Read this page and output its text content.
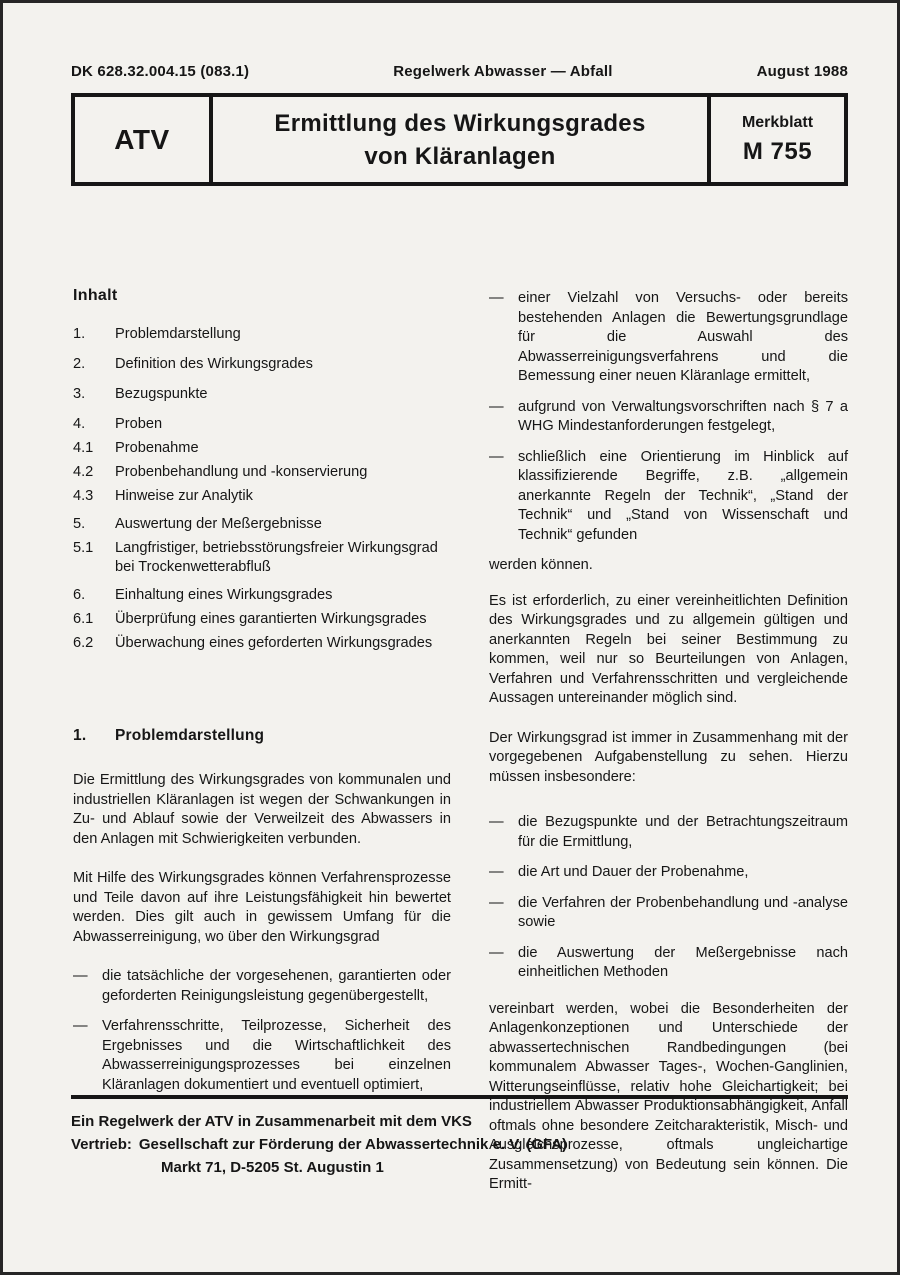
DK 628.32.004.15 (083.1)	Regelwerk Abwasser — Abfall	August 1988
ATV
Ermittlung des Wirkungsgrades
von Kläranlagen
Merkblatt
M 755
Inhalt
1.	Problemdarstellung
2.	Definition des Wirkungsgrades
3.	Bezugspunkte
4.	Proben
4.1	Probenahme
4.2	Probenbehandlung und -konservierung
4.3	Hinweise zur Analytik
5.	Auswertung der Meßergebnisse
5.1	Langfristiger, betriebsstörungsfreier Wirkungsgrad bei Trockenwetterabfluß
6.	Einhaltung eines Wirkungsgrades
6.1	Überprüfung eines garantierten Wirkungsgrades
6.2	Überwachung eines geforderten Wirkungsgrades
1.	Problemdarstellung

Die Ermittlung des Wirkungsgrades von kommunalen und industriellen Kläranlagen ist wegen der Schwankungen in Zu- und Ablauf sowie der Verweilzeit des Abwassers in den Anlagen mit Schwierigkeiten verbunden.

Mit Hilfe des Wirkungsgrades können Verfahrensprozesse und Teile davon auf ihre Leistungsfähigkeit hin bewertet werden. Dies gilt auch in gewissem Umfang für die Abwasserreinigung, wo über den Wirkungsgrad

— die tatsächliche der vorgesehenen, garantierten oder geforderten Reinigungsleistung gegenübergestellt,
— Verfahrensschritte, Teilprozesse, Sicherheit des Ergebnisses und die Wirtschaftlichkeit des Abwasserreinigungsprozesses bei einzelnen Kläranlagen dokumentiert und eventuell optimiert,
— einer Vielzahl von Versuchs- oder bereits bestehenden Anlagen die Bewertungsgrundlage für die Auswahl des Abwasserreinigungsverfahrens und die Bemessung einer neuen Kläranlage ermittelt,
— aufgrund von Verwaltungsvorschriften nach § 7 a WHG Mindestanforderungen festgelegt,
— schließlich eine Orientierung im Hinblick auf klassifizierende Begriffe, z.B. „allgemein anerkannte Regeln der Technik“, „Stand der Technik“ und „Stand von Wissenschaft und Technik“ gefunden

werden können.

Es ist erforderlich, zu einer vereinheitlichten Definition des Wirkungsgrades und zu allgemein gültigen und anerkannten Regeln bei seiner Bestimmung zu kommen, weil nur so Beurteilungen von Anlagen, Verfahren und Verfahrensschritten und vergleichende Aussagen untereinander möglich sind.

Der Wirkungsgrad ist immer in Zusammenhang mit der vorgegebenen Aufgabenstellung zu sehen. Hierzu müssen insbesondere:

— die Bezugspunkte und der Betrachtungszeitraum für die Ermittlung,
— die Art und Dauer der Probenahme,
— die Verfahren der Probenbehandlung und -analyse sowie
— die Auswertung der Meßergebnisse nach einheitlichen Methoden

vereinbart werden, wobei die Besonderheiten der Anlagenkonzeptionen und Unterschiede der abwassertechnischen Randbedingungen (bei kommunalem Abwasser Tages-, Wochen-Ganglinien, Witterungseinflüsse, relativ hohe Gleichartigkeit; bei industriellem Abwasser Produktionsabhängigkeit, Anfall oftmals ohne besondere Zeitcharakteristik, Misch- und Ausgleichsprozesse, oftmals ungleichartige Zusammensetzung) von Bedeutung sein können. Die Ermitt-

Ein Regelwerk der ATV in Zusammenarbeit mit dem VKS
Vertrieb: Gesellschaft zur Förderung der Abwassertechnik e. V. (GFA)
Markt 71, D-5205 St. Augustin 1
